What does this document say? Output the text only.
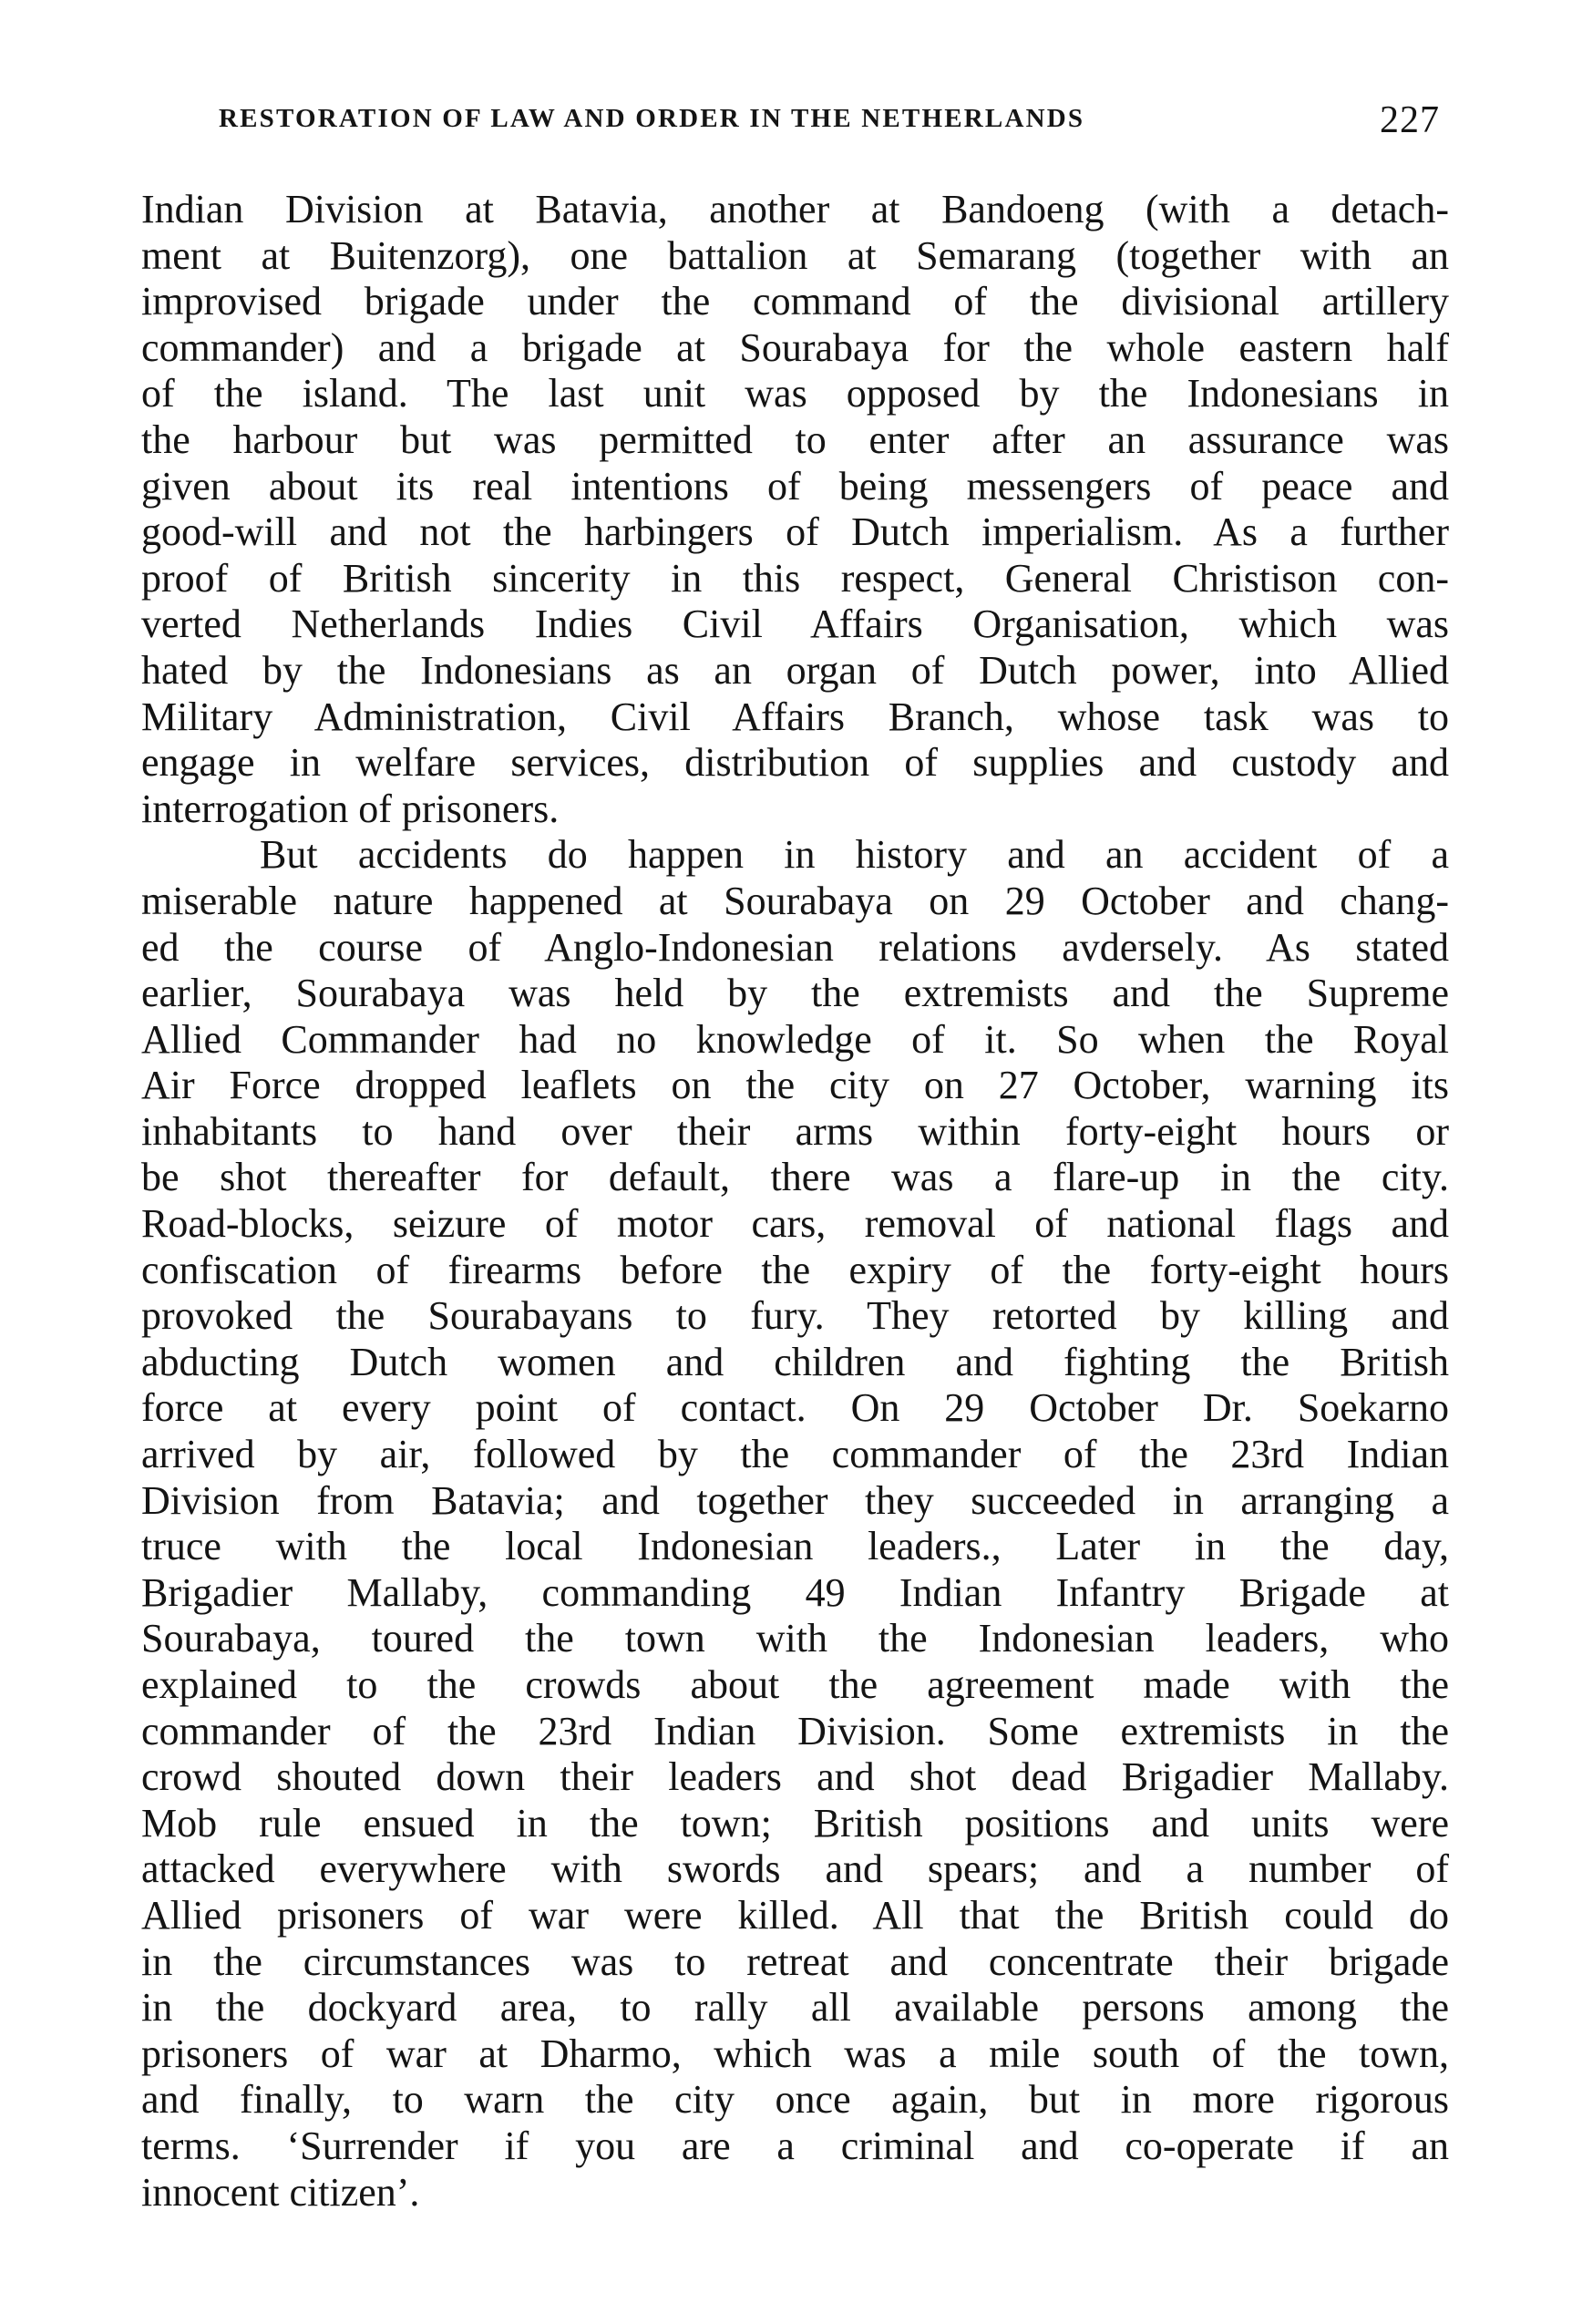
RESTORATION OF LAW AND ORDER IN THE NETHERLANDS	227
Indian Division at Batavia, another at Bandoeng (with a detach-
ment at Buitenzorg), one battalion at Semarang (together with an
improvised brigade under the command of the divisional artillery
commander) and a brigade at Sourabaya for the whole eastern half
of the island. The last unit was opposed by the Indonesians in
the harbour but was permitted to enter after an assurance was
given about its real intentions of being messengers of peace and
good-will and not the harbingers of Dutch imperialism. As a further
proof of British sincerity in this respect, General Christison con-
verted Netherlands Indies Civil Affairs Organisation, which was
hated by the Indonesians as an organ of Dutch power, into Allied
Military Administration, Civil Affairs Branch, whose task was to
engage in welfare services, distribution of supplies and custody and
interrogation of prisoners.
But accidents do happen in history and an accident of a
miserable nature happened at Sourabaya on 29 October and chang-
ed the course of Anglo-Indonesian relations avdersely. As stated
earlier, Sourabaya was held by the extremists and the Supreme
Allied Commander had no knowledge of it. So when the Royal
Air Force dropped leaflets on the city on 27 October, warning its
inhabitants to hand over their arms within forty-eight hours or
be shot thereafter for default, there was a flare-up in the city.
Road-blocks, seizure of motor cars, removal of national flags and
confiscation of firearms before the expiry of the forty-eight hours
provoked the Sourabayans to fury. They retorted by killing and
abducting Dutch women and children and fighting the British
force at every point of contact. On 29 October Dr. Soekarno
arrived by air, followed by the commander of the 23rd Indian
Division from Batavia; and together they succeeded in arranging a
truce with the local Indonesian leaders., Later in the day,
Brigadier Mallaby, commanding 49 Indian Infantry Brigade at
Sourabaya, toured the town with the Indonesian leaders, who
explained to the crowds about the agreement made with the
commander of the 23rd Indian Division. Some extremists in the
crowd shouted down their leaders and shot dead Brigadier Mallaby.
Mob rule ensued in the town; British positions and units were
attacked everywhere with swords and spears; and a number of
Allied prisoners of war were killed. All that the British could do
in the circumstances was to retreat and concentrate their brigade
in the dockyard area, to rally all available persons among the
prisoners of war at Dharmo, which was a mile south of the town,
and finally, to warn the city once again, but in more rigorous
terms. ‘Surrender if you are a criminal and co-operate if an
innocent citizen’.
